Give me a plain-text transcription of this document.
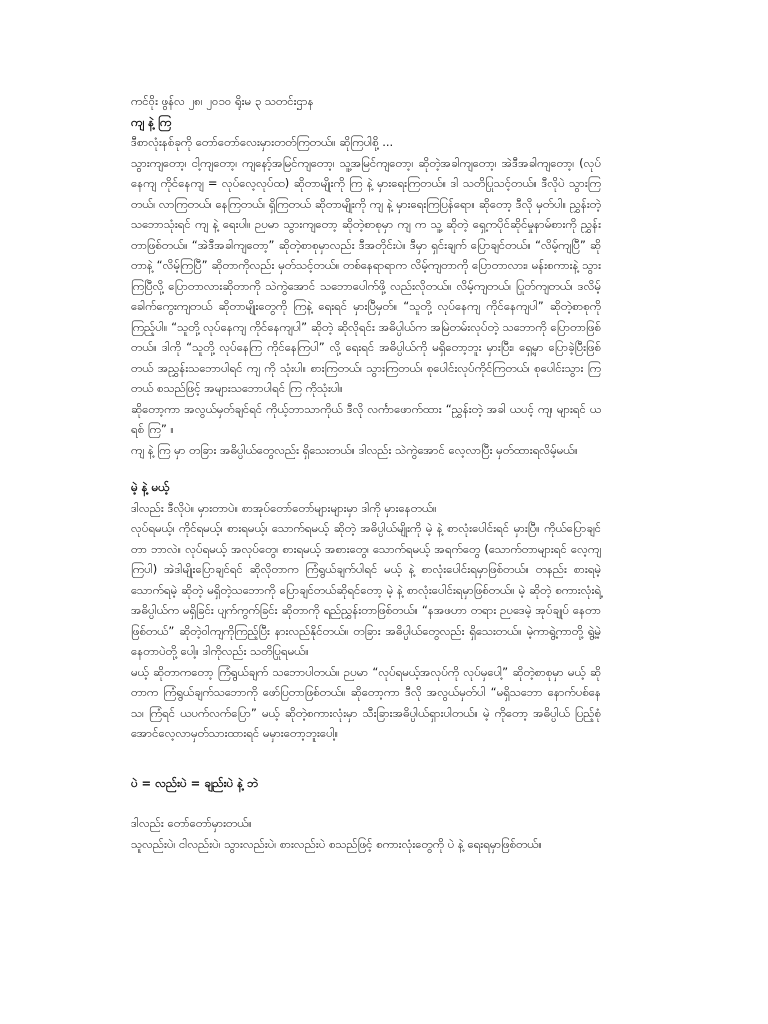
ကင်ဝိုး ဖွန်လ ၂၈၊ ၂၀၁၀ ရိုးမ ၃ သတင်းဌာန

ကျ နဲ့ ကြ

ဒီစာလုံးနစ်ခုကို တော်တော်လေးမှားတတ်ကြတယ်။ ဆိုကြပါစို့ ...

သွားကျတော့၊ ငါ့ကျတော့၊ ကျနော့်အမြင်ကျတော့၊ သူ့အမြင်ကျတော့၊ ဆိုတဲ့အခါကျတော့၊ အဲဒီအခါကျတော့၊ (လုပ်နေကျ ကိုင်နေကျ = လုပ်လေ့လုပ်ထ) ဆိုတာမျိုးကို ကြ နဲ့ မှားရေးကြတယ်။ ဒါ သတိပြုသင့်တယ်။ ဒီလိုပဲ သွားကြတယ်၊ လာကြတယ်၊ နေကြတယ်၊ ရှိကြတယ် ဆိုတာမျိုးကို ကျ နဲ့ မှားရေးကြပြန်ရော။ ဆိုတော့ ဒီလို မှတ်ပါ။ ညွှန်းတဲ့သဘောသုံးရင် ကျ နဲ့ ရေးပါ။ ဉပမာ သွားကျတော့ ဆိုတဲ့စာစုမှာ ကျ က သူ့ ဆိုတဲ့ ရှေ့ကပိုင်ဆိုင်မှုနာမ်စားကို ညွှန်းတာဖြစ်တယ်။ “အဲဒီအခါကျတော့” ဆိုတဲ့စာစုမှာလည်း ဒီအတိုင်းပဲ။ ဒီမှာ ရှင်းချက် ပြောချင်တယ်။ “လိမ့်ကျပြီ” ဆိုတာနဲ့ “လိမ့်ကြပြီ” ဆိုတာကိုလည်း မှတ်သင့်တယ်။ တစ်နေရာရာက လိမ့်ကျတာကို ပြောတာလား၊ မန်းစကားနဲ့ သွားကြပြီလို့ ပြောတာလားဆိုတာကို သဲကွဲအောင် သဘောပေါက်ဖို့ လည်းလိုတယ်။ လိမ့်ကျတယ်၊ ပြုတ်ကျတယ်၊ ဒလိမ့်ခေါက်ကွေးကျတယ် ဆိုတာမျိုးတွေကို ကြနဲ့ ရေးရင် မှားပြီမှတ်။ “သူတို့ လုပ်နေကျ ကိုင်နေကျပါ” ဆိုတဲ့စာစုကိုကြည့်ပါ။ “သူတို့ လုပ်နေကျ ကိုင်နေကျပါ” ဆိုတဲ့ ဆိုလိုရင်း အဓိပ္ပါယ်က အမြဲတမ်းလုပ်တဲ့ သဘောကို ပြောတာဖြစ်တယ်။ ဒါကို “သူတို့ လုပ်နေကြ ကိုင်နေကြပါ” လို့ ရေးရင် အဓိပ္ပါယ်ကို မရှိတော့ဘူး မှားပြီး၊ ရှေ့မှာ ပြောခဲ့ပြီးဖြစ်တယ် အညွှန်းသဘောပါရင် ကျ ကို သုံးပါ။ စားကြတယ်၊ သွားကြတယ်၊ စုပေါင်းလုပ်ကိုင်ကြတယ်၊ စုပေါင်းသွား ကြတယ် စသည်ဖြင့် အများသဘောပါရင် ကြ ကိုသုံးပါ။

ဆိုတော့ကာ အလွယ်မှတ်ချင်ရင် ကိုယ့်ဘာသာကိုယ် ဒီလို လင်္ကာဖောက်ထား “ညွှန်းတဲ့ အခါ ယပင့် ကျ၊ များရင် ယရစ် ကြ” ။

ကျ နဲ့ ကြ မှာ တခြား အဓိပ္ပါယ်တွေလည်း ရှိသေးတယ်။ ဒါလည်း သဲကွဲအောင် လေ့လာပြီး မှတ်ထားရလိမ့်မယ်။

မဲ့ နဲ့ မယ့်

ဒါလည်း ဒီလိုပဲ။ မှားတာပဲ။ စာအုပ်တော်တော်များများမှာ ဒါကို မှားနေတယ်။

လုပ်ရမယ့်၊ ကိုင်ရမယ့်၊ စားရမယ့်၊ သောက်ရမယ့် ဆိုတဲ့ အဓိပ္ပါယ်မျိုးကို မဲ့ နဲ့ စာလုံးပေါင်းရင် မှားပြီ။ ကိုယ်ပြောချင်တာ ဘာလဲ။ လုပ်ရမယ့် အလုပ်တွေ၊ စားရမယ့် အစားတွေ၊ သောက်ရမယ့် အရက်တွေ (သောက်တာများရင် လေ့ကျကြပါ) အဲဒါမျိုးပြောချင်ရင် ဆိုလိုတာက ကြံရွယ်ချက်ပါရင် မယ့် နဲ့ စာလုံးပေါင်းရမှာဖြစ်တယ်။ တနည်း စားရမဲ့ သောက်ရမဲ့ ဆိုတဲ့ မရှိတဲ့သဘောကို ပြောချင်တယ်ဆိုရင်တော့ မဲ့ နဲ့ စာလုံးပေါင်းရမှာဖြစ်တယ်။ မဲ့ ဆိုတဲ့ စကားလုံးရဲ့ အဓိပ္ပါယ်က မရှိခြင်း ပျက်ကွက်ခြင်း ဆိုတာကို ရည်ညွှန်းတာဖြစ်တယ်။ “နအဖဟာ တရား ဉပဒေမဲ့ အုပ်ချုပ် နေတာဖြစ်တယ်” ဆိုတဲ့ဝါကျကိုကြည့်ပြီး နားလည်နိုင်တယ်။ တခြား အဓိပ္ပါယ်တွေလည်း ရှိသေးတယ်။ မဲ့ကာရွဲ့ကာတို့ ရွဲ့မဲ့နေတာပဲတို့ ပေါ့။ ဒါကိုလည်း သတိပြုရမယ်။

မယ့် ဆိုတာကတော့ ကြံရွယ်ချက် သဘောပါတယ်။ ဉပမာ “လုပ်ရမယ့်အလုပ်ကို လုပ်မှပေါ့” ဆိုတဲ့စာစုမှာ မယ့် ဆိုတာက ကြံရွယ်ချက်သဘောကို ဖော်ပြတာဖြစ်တယ်။ ဆိုတော့ကာ ဒီလို အလွယ်မှတ်ပါ “မရှိသဘော နောက်ပစ်နေသ၊ ကြံရင် ယပက်လက်ပြော” မယ့် ဆိုတဲ့စကားလုံးမှာ သီးခြားအဓိပ္ပါယ်ရှားပါတယ်။ မဲ့ ကိုတော့ အဓိပ္ပါယ် ပြည့်စုံအောင်လေ့လာမှတ်သားထားရင် မမှားတော့ဘူးပေါ့။

ပဲ = လည်းပဲ = ချည်းပဲ နဲ့ ဘဲ

ဒါလည်း တော်တော်မှားတယ်။

သူလည်းပဲ၊ ငါလည်းပဲ၊ သွားလည်းပဲ၊ စားလည်းပဲ စသည်ဖြင့် စကားလုံးတွေကို ပဲ နဲ့ ရေးရမှာဖြစ်တယ်။
